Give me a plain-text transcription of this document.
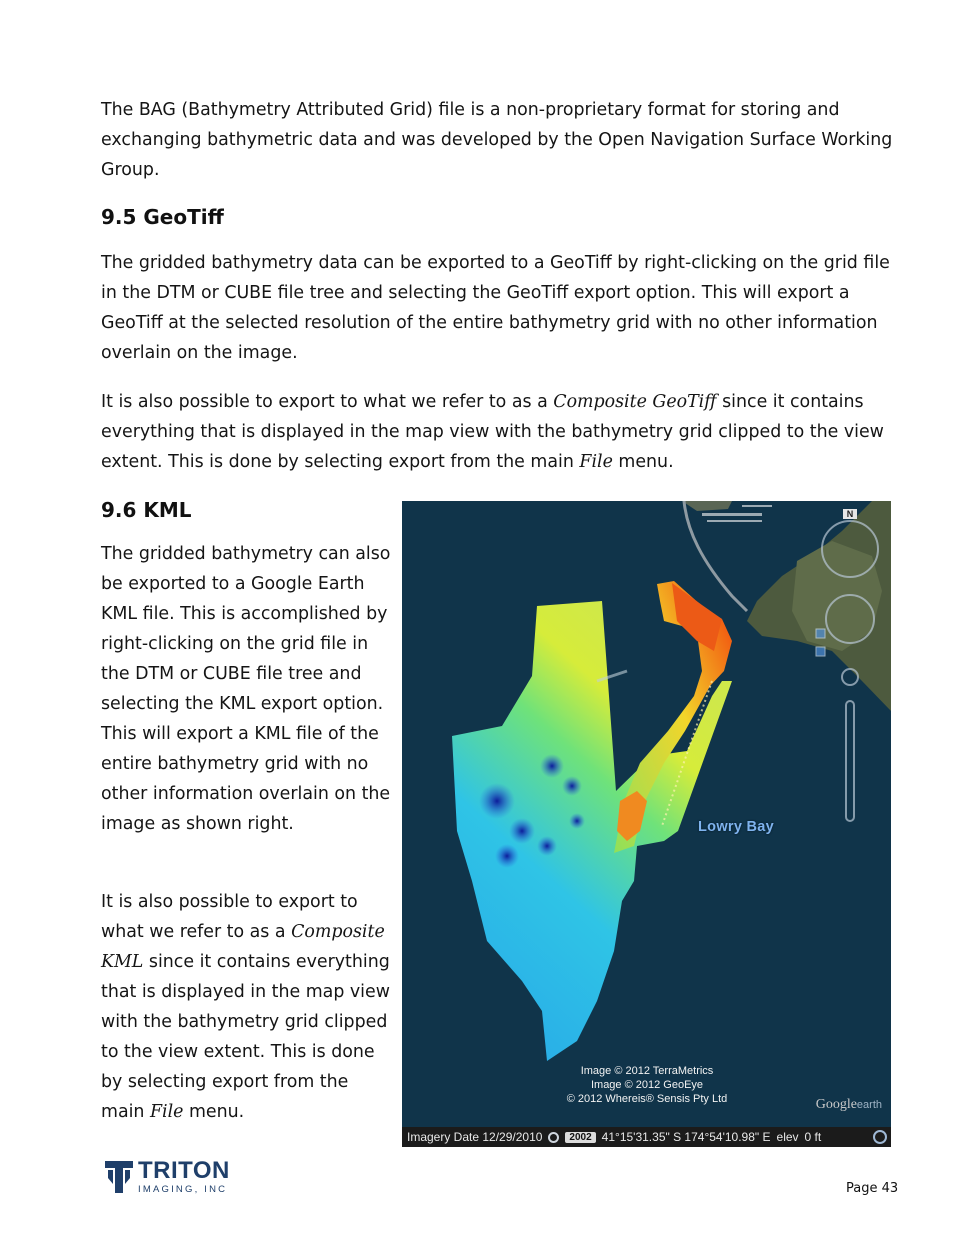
The BAG (Bathymetry Attributed Grid) file is a non-proprietary format for storing and exchanging bathymetric data and was developed by the Open Navigation Surface Working Group.

9.5 GeoTiff

The gridded bathymetry data can be exported to a GeoTiff by right-clicking on the grid file in the DTM or CUBE file tree and selecting the GeoTiff export option. This will export a GeoTiff at the selected resolution of the entire bathymetry grid with no other information overlain on the image.

It is also possible to export to what we refer to as a Composite GeoTiff since it contains everything that is displayed in the map view with the bathymetry grid clipped to the view extent. This is done by selecting export from the main File menu.

9.6 KML

The gridded bathymetry can also be exported to a Google Earth KML file. This is accomplished by right-clicking on the grid file in the DTM or CUBE file tree and selecting the KML export option. This will export a KML file of the entire bathymetry grid with no other information overlain on the image as shown right.

It is also possible to export to what we refer to as a Composite KML since it contains everything that is displayed in the map view with the bathymetry grid clipped to the view extent. This is done by selecting export from the main File menu.

N
Lowry Bay
Image © 2012 TerraMetrics
Image © 2012 GeoEye
© 2012 Whereis® Sensis Pty Ltd	Googleearth
Imagery Date 12/29/2010	2002 41°15'31.35" S 174°54'10.98" E elev 0 ft
TRITON
IMAGING, INC	Page 43
